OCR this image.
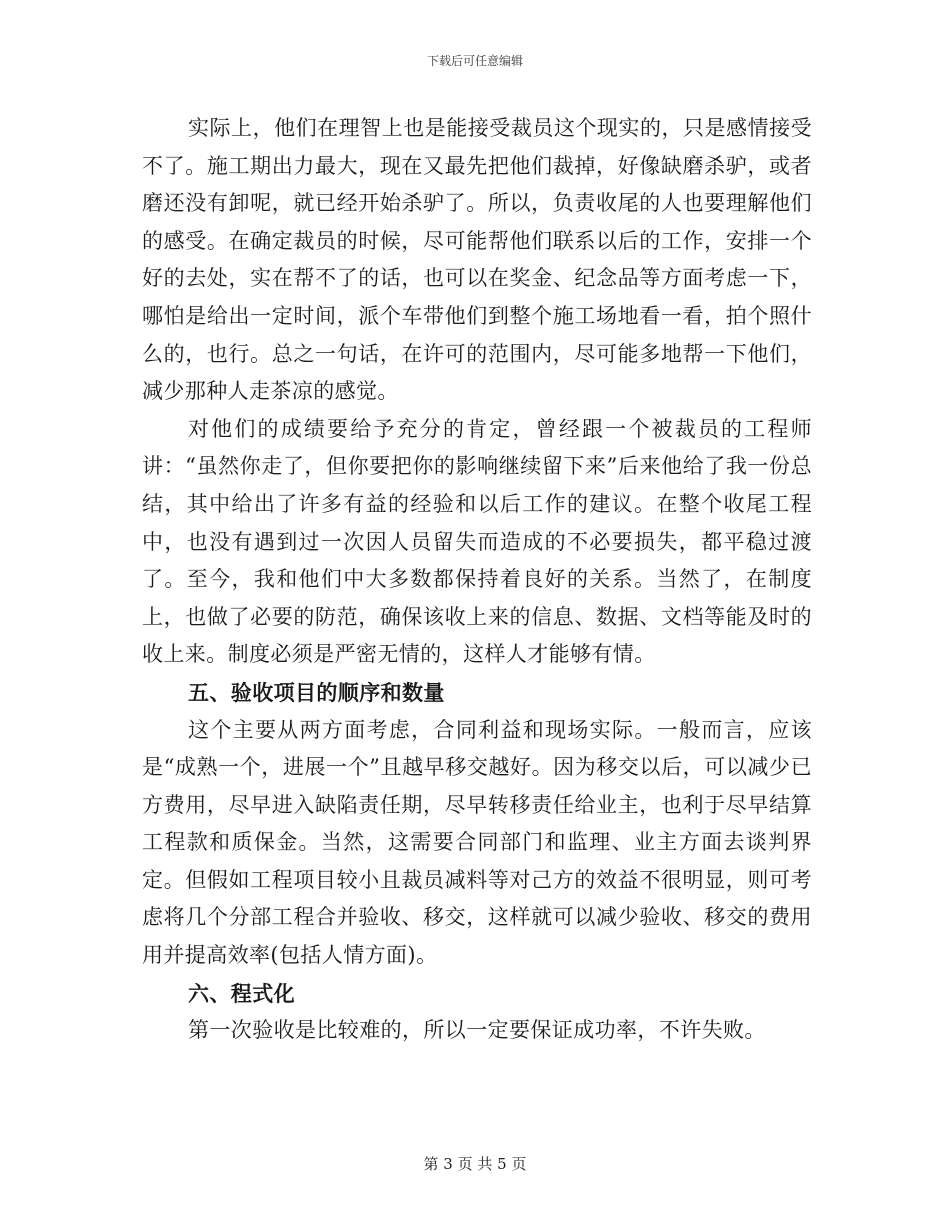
下载后可任意编辑

实际上，他们在理智上也是能接受裁员这个现实的，只是感情接受不了。施工期出力最大，现在又最先把他们裁掉，好像缺磨杀驴，或者磨还没有卸呢，就已经开始杀驴了。所以，负责收尾的人也要理解他们的感受。在确定裁员的时候，尽可能帮他们联系以后的工作，安排一个好的去处，实在帮不了的话，也可以在奖金、纪念品等方面考虑一下，哪怕是给出一定时间，派个车带他们到整个施工场地看一看，拍个照什么的，也行。总之一句话，在许可的范围内，尽可能多地帮一下他们，减少那种人走茶凉的感觉。

对他们的成绩要给予充分的肯定，曾经跟一个被裁员的工程师讲：“虽然你走了，但你要把你的影响继续留下来”后来他给了我一份总结，其中给出了许多有益的经验和以后工作的建议。在整个收尾工程中，也没有遇到过一次因人员留失而造成的不必要损失，都平稳过渡了。至今，我和他们中大多数都保持着良好的关系。当然了，在制度上，也做了必要的防范，确保该收上来的信息、数据、文档等能及时的收上来。制度必须是严密无情的，这样人才能够有情。

五、验收项目的顺序和数量

这个主要从两方面考虑，合同利益和现场实际。一般而言，应该是“成熟一个，进展一个”且越早移交越好。因为移交以后，可以减少已方费用，尽早进入缺陷责任期，尽早转移责任给业主，也利于尽早结算工程款和质保金。当然，这需要合同部门和监理、业主方面去谈判界定。但假如工程项目较小且裁员减料等对己方的效益不很明显，则可考虑将几个分部工程合并验收、移交，这样就可以减少验收、移交的费用用并提高效率(包括人情方面)。

六、程式化

第一次验收是比较难的，所以一定要保证成功率，不许失败。

第 3 页 共 5 页
